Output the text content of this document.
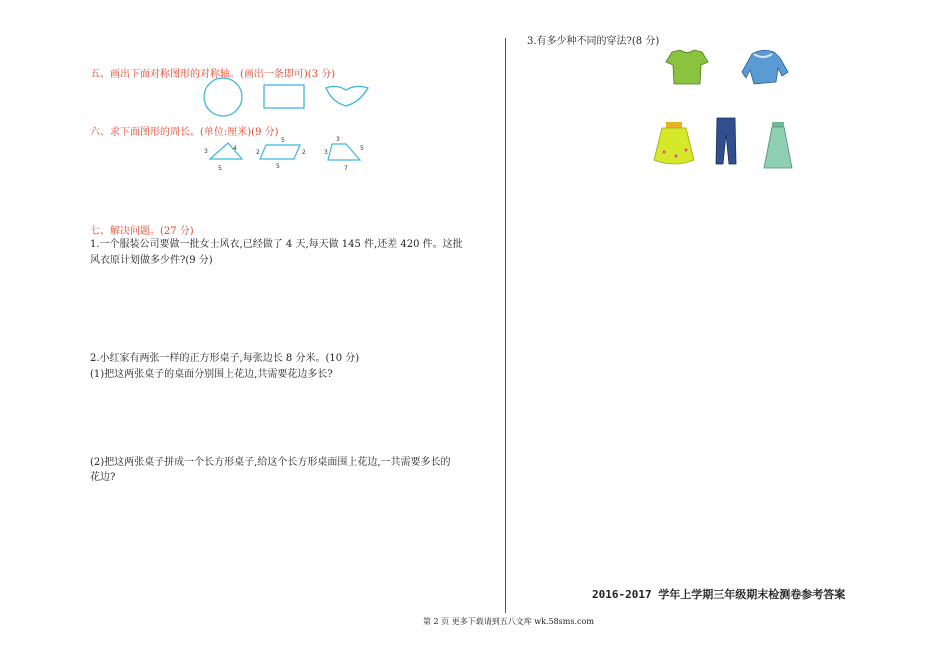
五、画出下面对称图形的对称轴。(画出一条即可)(3 分)
六、求下面图形的周长。(单位:厘米)(9 分)
3	4
5
5
2	2
5
3
3
5
7
七、解决问题。(27 分)
1.一个服装公司要做一批女士风衣,已经做了 4 天,每天做 145 件,还差 420 件。这批
风衣原计划做多少件?(9 分)
2.小红家有两张一样的正方形桌子,每张边长 8 分米。(10 分)
(1)把这两张桌子的桌面分别围上花边,共需要花边多长?
(2)把这两张桌子拼成一个长方形桌子,给这个长方形桌面围上花边,一共需要多长的
花边?
3.有多少种不同的穿法?(8 分)
2016-2017 学年上学期三年级期末检测卷参考答案
第 2 页 更多下载请到五八文库 wk.58sms.com
